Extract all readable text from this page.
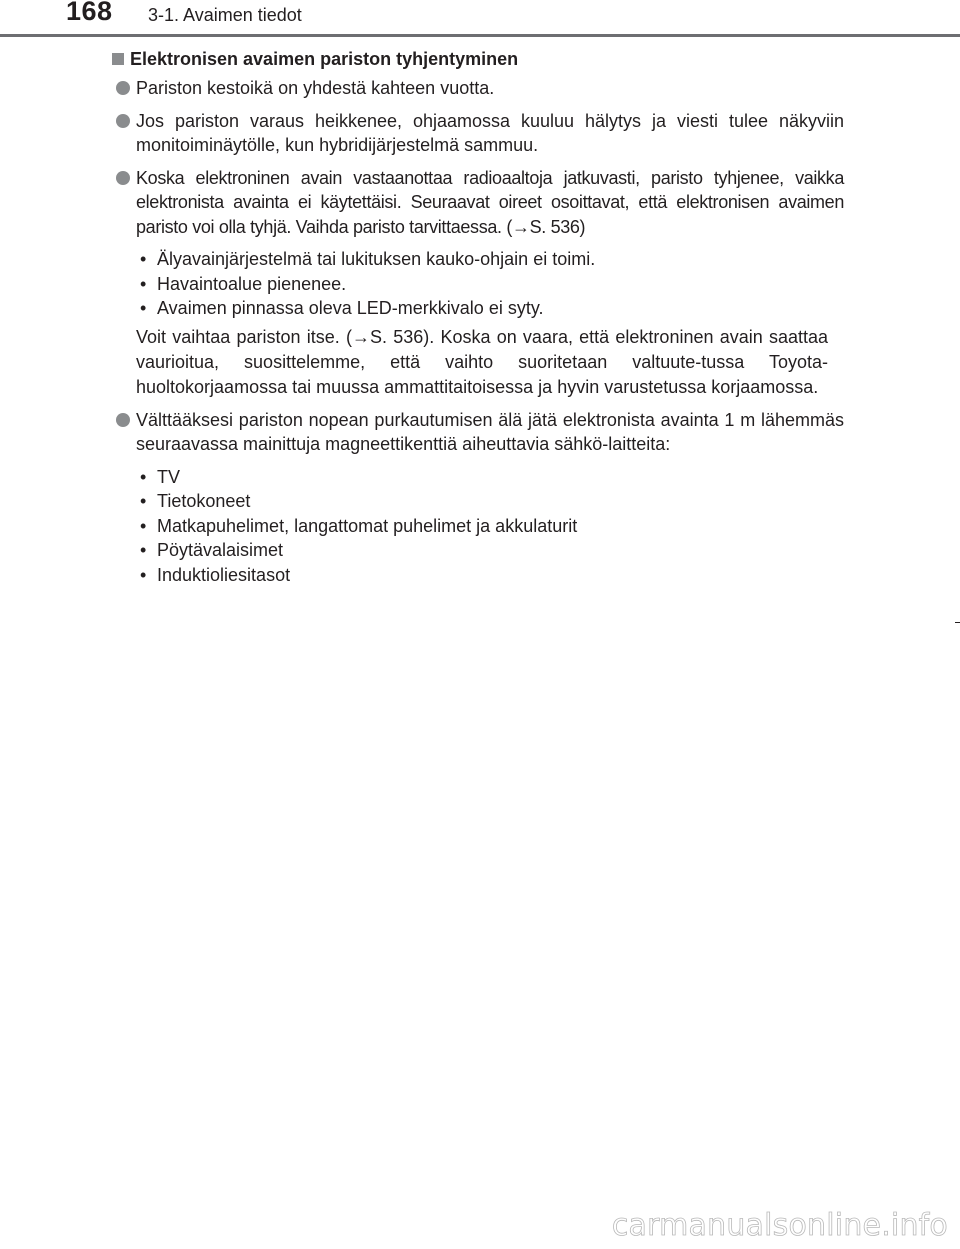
168 3-1. Avaimen tiedot
Elektronisen avaimen pariston tyhjentyminen
Pariston kestoikä on yhdestä kahteen vuotta.
Jos pariston varaus heikkenee, ohjaamossa kuuluu hälytys ja viesti tulee näkyviin monitoiminäytölle, kun hybridijärjestelmä sammuu.
Koska elektroninen avain vastaanottaa radioaaltoja jatkuvasti, paristo tyhjenee, vaikka elektronista avainta ei käytettäisi. Seuraavat oireet osoittavat, että elektronisen avaimen paristo voi olla tyhjä. Vaihda paristo tarvittaessa. (→S. 536)
• Älyavainjärjestelmä tai lukituksen kauko-ohjain ei toimi.
• Havaintoalue pienenee.
• Avaimen pinnassa oleva LED-merkkivalo ei syty.
Voit vaihtaa pariston itse. (→S. 536). Koska on vaara, että elektroninen avain saattaa vaurioitua, suosittelemme, että vaihto suoritetaan valtuute-tussa Toyota-huoltokorjaamossa tai muussa ammattitaitoisessa ja hyvin varustetussa korjaamossa.
Välttääksesi pariston nopean purkautumisen älä jätä elektronista avainta 1 m lähemmäs seuraavassa mainittuja magneettikenttiä aiheuttavia sähkö-laitteita:
• TV
• Tietokoneet
• Matkapuhelimet, langattomat puhelimet ja akkulaturit
• Pöytävalaisimet
• Induktioliesitasot
carmanualsonline.info
